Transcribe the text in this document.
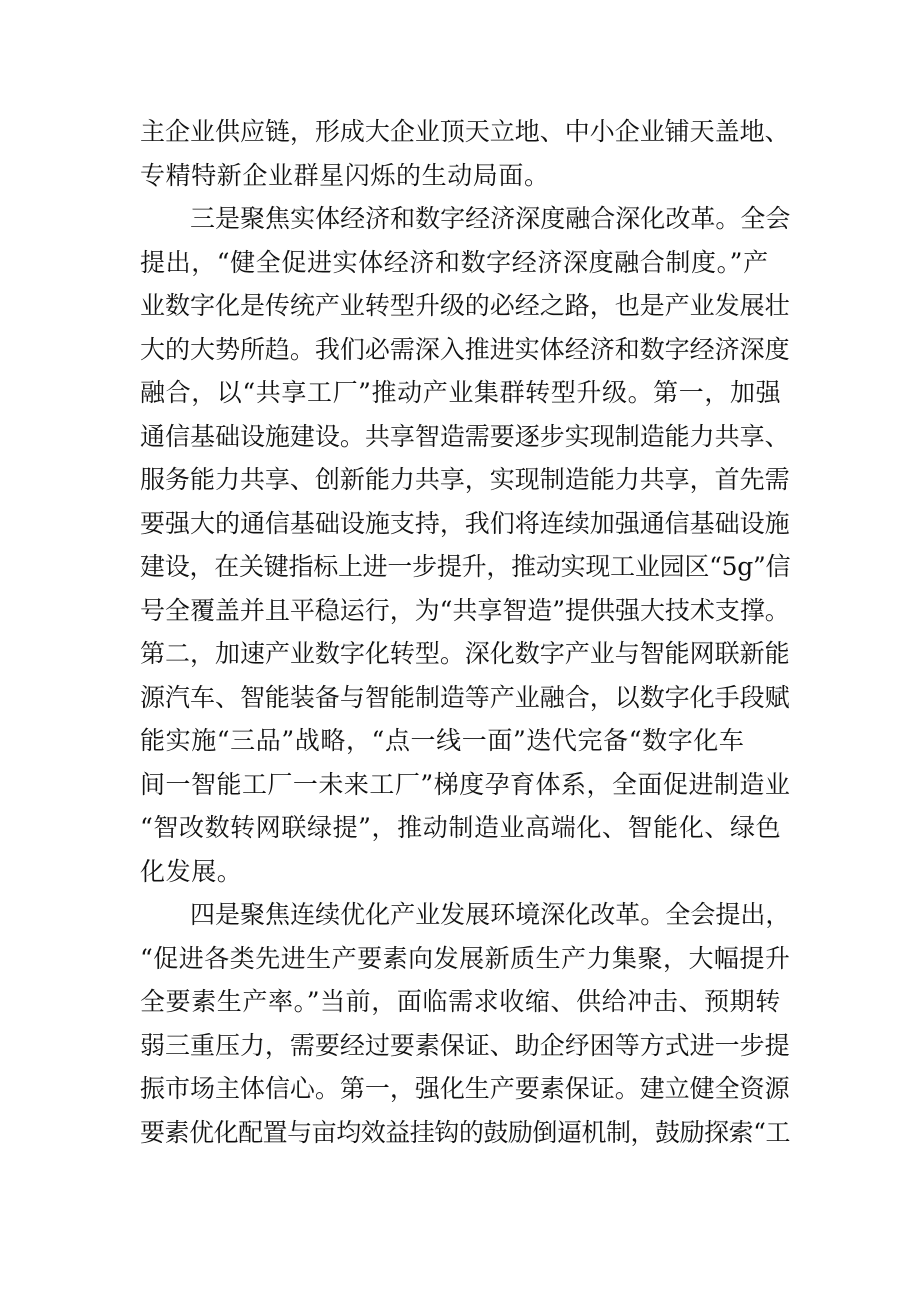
主企业供应链，形成大企业顶天立地、中小企业铺天盖地、
专精特新企业群星闪烁的生动局面。
三是聚焦实体经济和数字经济深度融合深化改革。全会
提出，“健全促进实体经济和数字经济深度融合制度。”产
业数字化是传统产业转型升级的必经之路，也是产业发展壮
大的大势所趋。我们必需深入推进实体经济和数字经济深度
融合，以“共享工厂”推动产业集群转型升级。第一，加强
通信基础设施建设。共享智造需要逐步实现制造能力共享、
服务能力共享、创新能力共享，实现制造能力共享，首先需
要强大的通信基础设施支持，我们将连续加强通信基础设施
建设，在关键指标上进一步提升，推动实现工业园区“5g”信
号全覆盖并且平稳运行，为“共享智造”提供强大技术支撑。
第二，加速产业数字化转型。深化数字产业与智能网联新能
源汽车、智能装备与智能制造等产业融合，以数字化手段赋
能实施“三品”战略，“点一线一面”迭代完备“数字化车
间一智能工厂一未来工厂”梯度孕育体系，全面促进制造业
“智改数转网联绿提”，推动制造业高端化、智能化、绿色
化发展。
四是聚焦连续优化产业发展环境深化改革。全会提出，
“促进各类先进生产要素向发展新质生产力集聚，大幅提升
全要素生产率。”当前，面临需求收缩、供给冲击、预期转
弱三重压力，需要经过要素保证、助企纾困等方式进一步提
振市场主体信心。第一，强化生产要素保证。建立健全资源
要素优化配置与亩均效益挂钩的鼓励倒逼机制，鼓励探索“工
